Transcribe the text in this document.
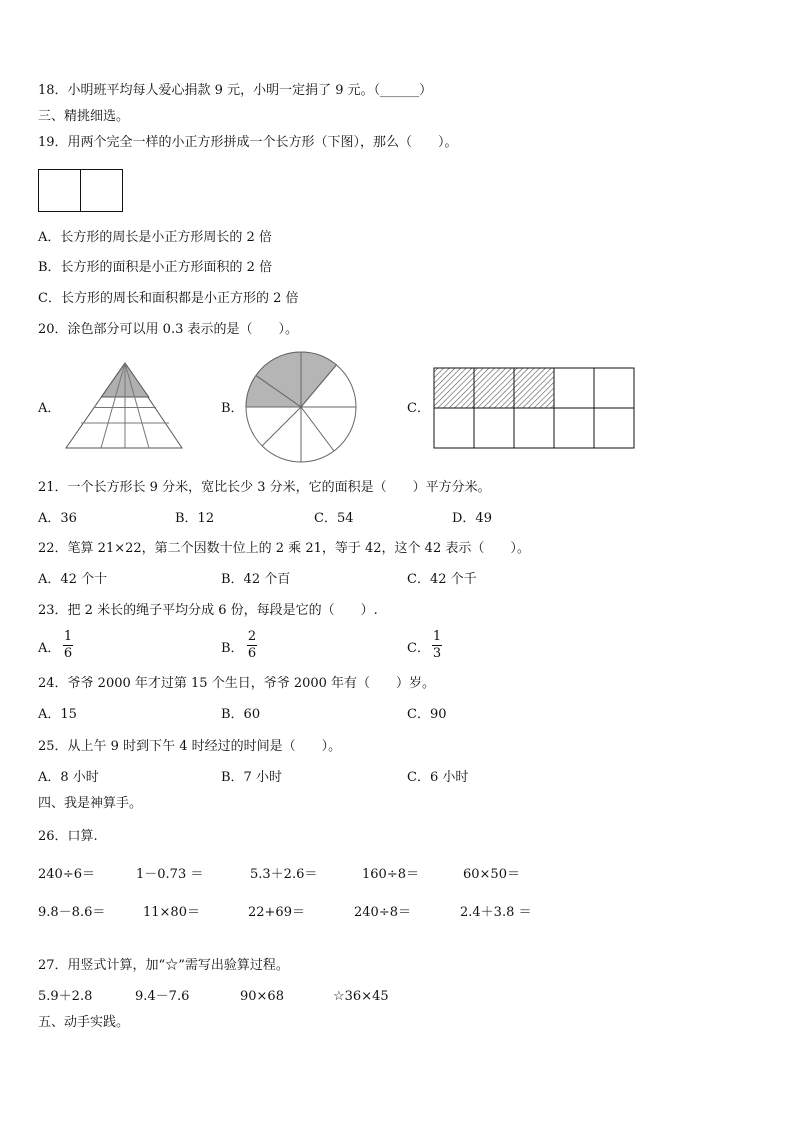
18．小明班平均每人爱心捐款 9 元，小明一定捐了 9 元。（______）
三、精挑细选。
19．用两个完全一样的小正方形拼成一个长方形（下图），那么（　　）。
A．长方形的周长是小正方形周长的 2 倍
B．长方形的面积是小正方形面积的 2 倍
C．长方形的周长和面积都是小正方形的 2 倍
20．涂色部分可以用 0.3 表示的是（　　）。
A．	B．	C．
21．一个长方形长 9 分米，宽比长少 3 分米，它的面积是（　　）平方分米。
A．36	B．12	C．54	D．49
22．笔算 21×22，第二个因数十位上的 2 乘 21，等于 42，这个 42 表示（　　）。
A．42 个十	B．42 个百	C．42 个千
23．把 2 米长的绳子平均分成 6 份，每段是它的（　　）.
A．
1
6	B．
2
6	C．
1
3
24．爷爷 2000 年才过第 15 个生日，爷爷 2000 年有（　　）岁。
A．15	B．60	C．90
25．从上午 9 时到下午 4 时经过的时间是（　　）。
A．8 小时	B．7 小时	C．6 小时
四、我是神算手。
26．口算.
240÷6＝	1－0.73 ＝	5.3＋2.6＝	160÷8＝	60×50＝
9.8－8.6＝	11×80＝	22+69＝	240÷8＝	2.4＋3.8 ＝
27．用竖式计算，加“☆”需写出验算过程。
5.9＋2.8	9.4－7.6	90×68	☆36×45
五、动手实践。
